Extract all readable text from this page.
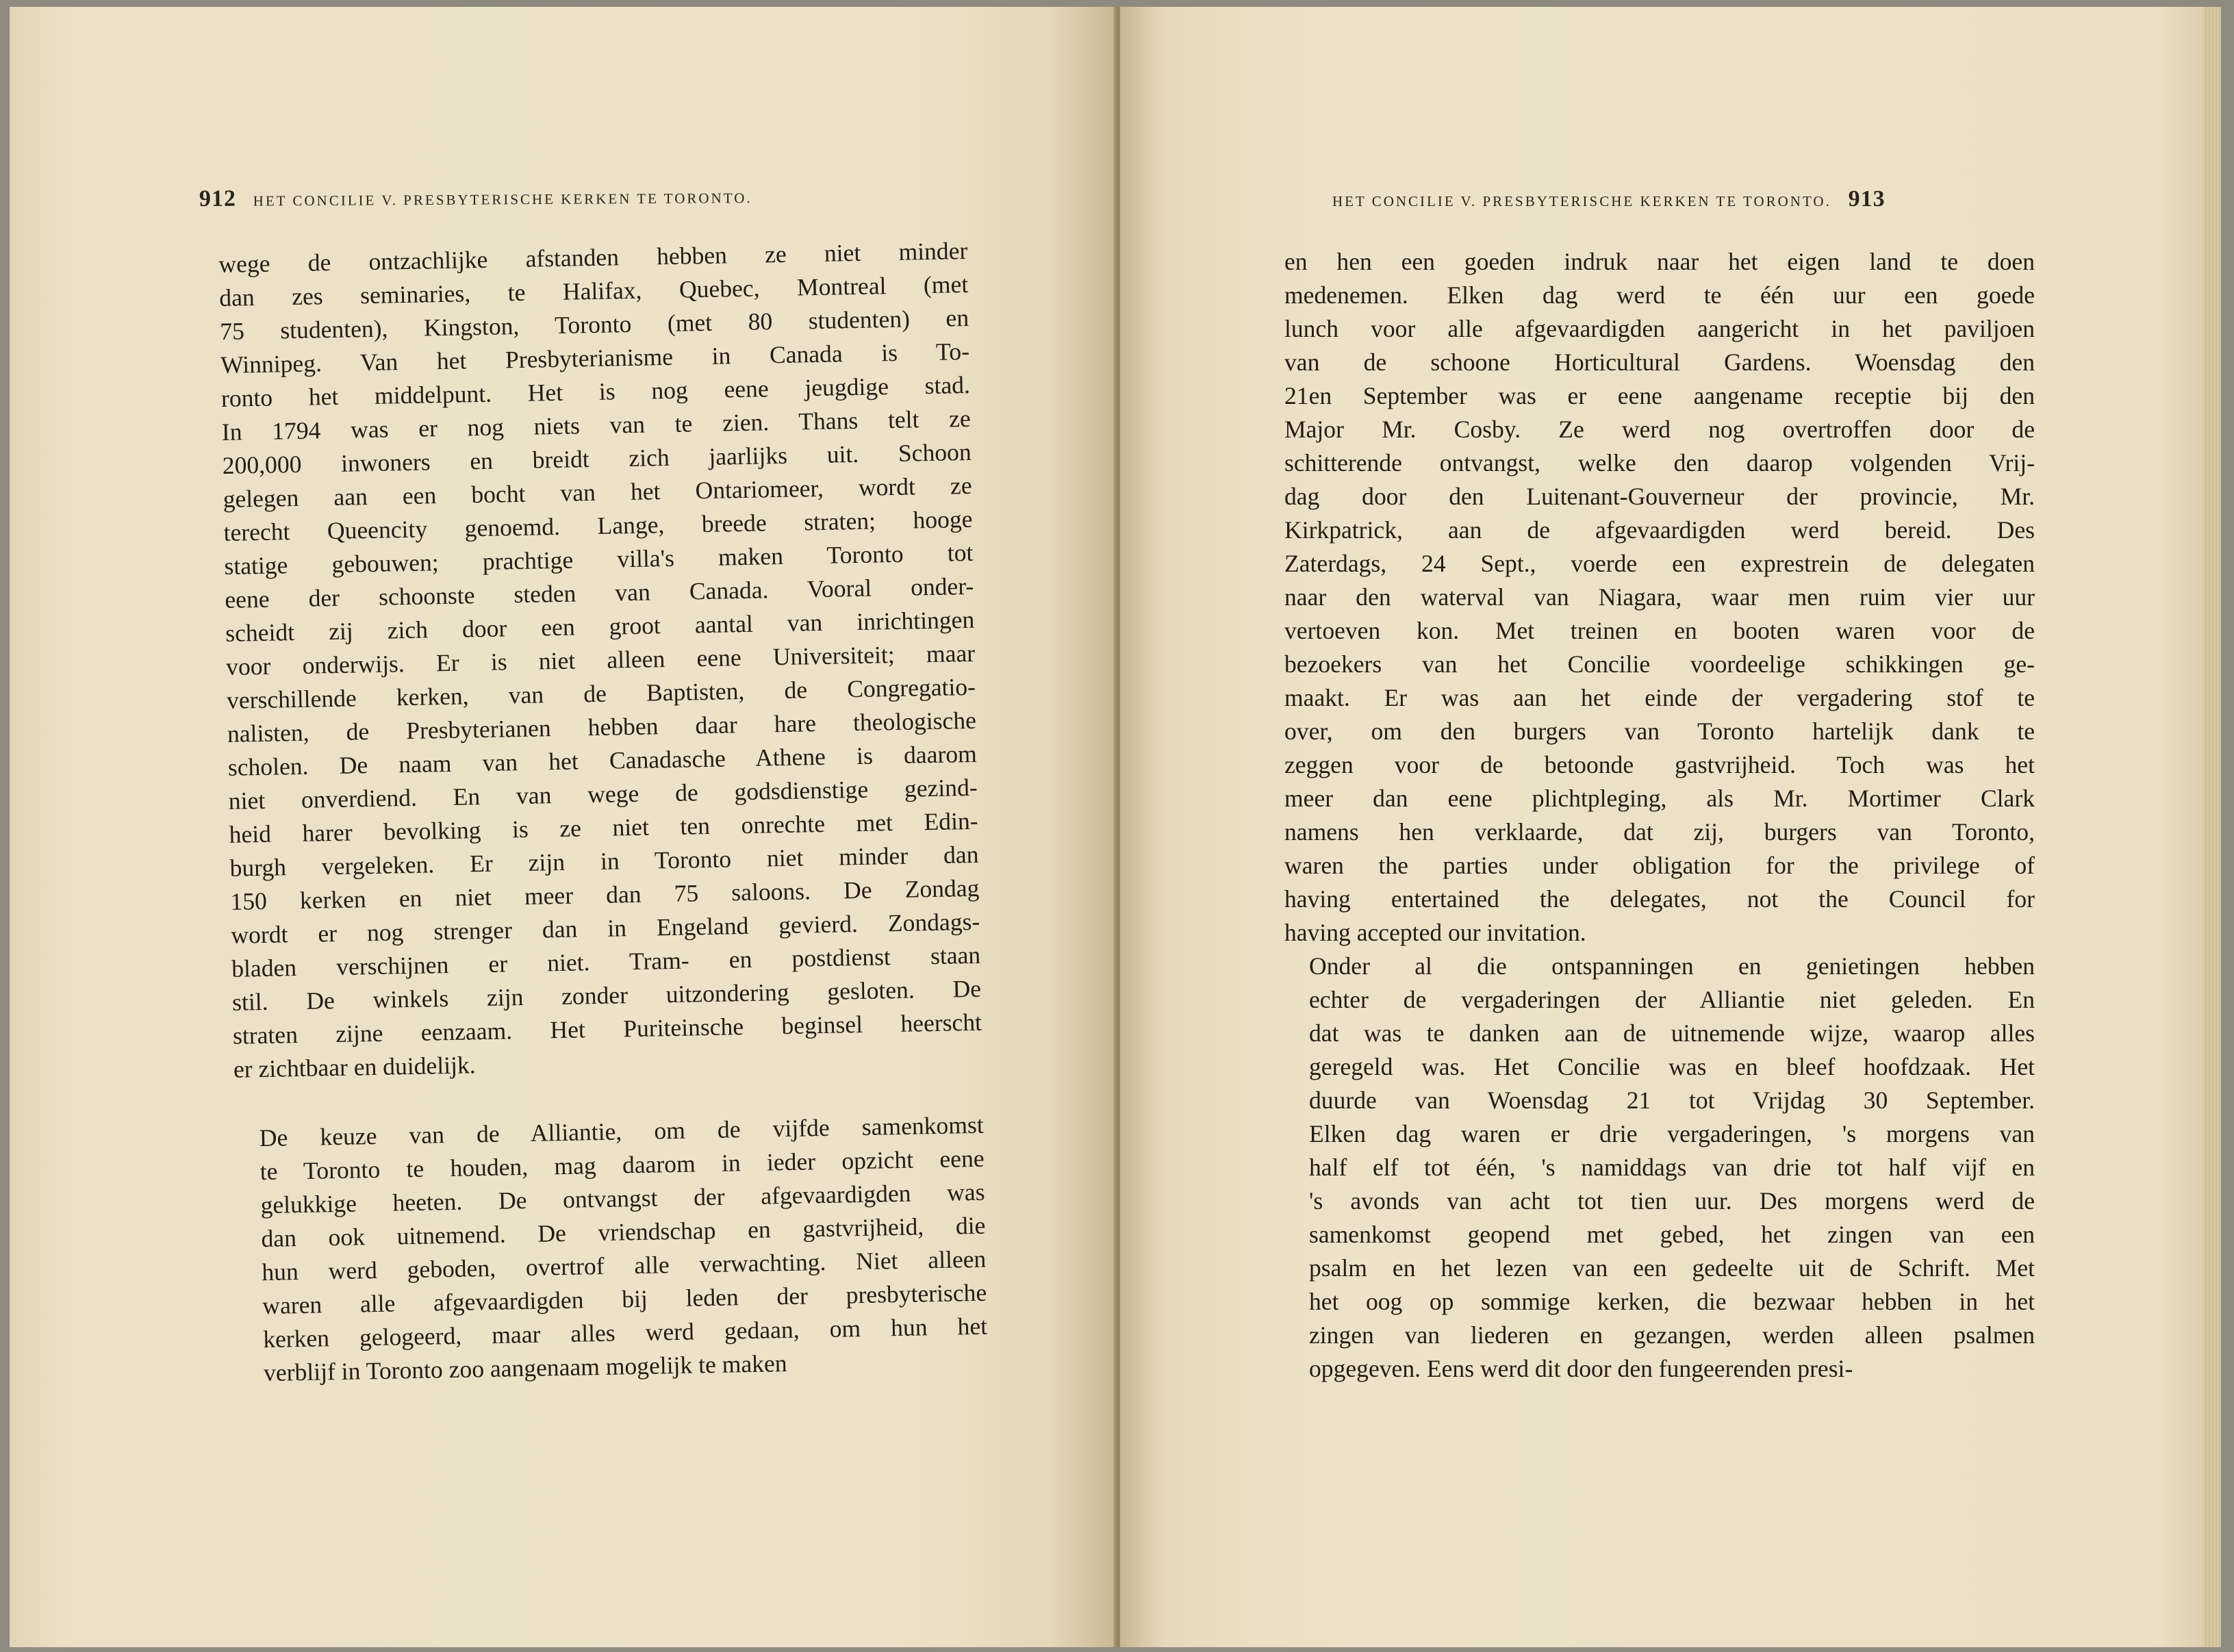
912 HET CONCILIE V. PRESBYTERISCHE KERKEN TE TORONTO.

wege de ontzachlijke afstanden hebben ze niet minder
dan zes seminaries, te Halifax, Quebec, Montreal (met
75 studenten), Kingston, Toronto (met 80 studenten) en
Winnipeg. Van het Presbyterianisme in Canada is To-
ronto het middelpunt. Het is nog eene jeugdige stad.
In 1794 was er nog niets van te zien. Thans telt ze
200,000 inwoners en breidt zich jaarlijks uit. Schoon
gelegen aan een bocht van het Ontariomeer, wordt ze
terecht Queencity genoemd. Lange, breede straten; hooge
statige gebouwen; prachtige villa's maken Toronto tot
eene der schoonste steden van Canada. Vooral onder-
scheidt zij zich door een groot aantal van inrichtingen
voor onderwijs. Er is niet alleen eene Universiteit; maar
verschillende kerken, van de Baptisten, de Congregatio-
nalisten, de Presbyterianen hebben daar hare theologische
scholen. De naam van het Canadasche Athene is daarom
niet onverdiend. En van wege de godsdienstige gezind-
heid harer bevolking is ze niet ten onrechte met Edin-
burgh vergeleken. Er zijn in Toronto niet minder dan
150 kerken en niet meer dan 75 saloons. De Zondag
wordt er nog strenger dan in Engeland gevierd. Zondags-
bladen verschijnen er niet. Tram- en postdienst staan
stil. De winkels zijn zonder uitzondering gesloten. De
straten zijne eenzaam. Het Puriteinsche beginsel heerscht
er zichtbaar en duidelijk.

De keuze van de Alliantie, om de vijfde samenkomst
te Toronto te houden, mag daarom in ieder opzicht eene
gelukkige heeten. De ontvangst der afgevaardigden was
dan ook uitnemend. De vriendschap en gastvrijheid, die
hun werd geboden, overtrof alle verwachting. Niet alleen
waren alle afgevaardigden bij leden der presbyterische
kerken gelogeerd, maar alles werd gedaan, om hun het
verblijf in Toronto zoo aangenaam mogelijk te maken

HET CONCILIE V. PRESBYTERISCHE KERKEN TE TORONTO. 913

en hen een goeden indruk naar het eigen land te doen
medenemen. Elken dag werd te één uur een goede
lunch voor alle afgevaardigden aangericht in het paviljoen
van de schoone Horticultural Gardens. Woensdag den
21en September was er eene aangename receptie bij den
Major Mr. Cosby. Ze werd nog overtroffen door de
schitterende ontvangst, welke den daarop volgenden Vrij-
dag door den Luitenant-Gouverneur der provincie, Mr.
Kirkpatrick, aan de afgevaardigden werd bereid. Des
Zaterdags, 24 Sept., voerde een exprestrein de delegaten
naar den waterval van Niagara, waar men ruim vier uur
vertoeven kon. Met treinen en booten waren voor de
bezoekers van het Concilie voordeelige schikkingen ge-
maakt. Er was aan het einde der vergadering stof te
over, om den burgers van Toronto hartelijk dank te
zeggen voor de betoonde gastvrijheid. Toch was het
meer dan eene plichtpleging, als Mr. Mortimer Clark
namens hen verklaarde, dat zij, burgers van Toronto,
waren the parties under obligation for the privilege of
having entertained the delegates, not the Council for
having accepted our invitation.

Onder al die ontspanningen en genietingen hebben
echter de vergaderingen der Alliantie niet geleden. En
dat was te danken aan de uitnemende wijze, waarop alles
geregeld was. Het Concilie was en bleef hoofdzaak. Het
duurde van Woensdag 21 tot Vrijdag 30 September.
Elken dag waren er drie vergaderingen, 's morgens van
half elf tot één, 's namiddags van drie tot half vijf en
's avonds van acht tot tien uur. Des morgens werd de
samenkomst geopend met gebed, het zingen van een
psalm en het lezen van een gedeelte uit de Schrift. Met
het oog op sommige kerken, die bezwaar hebben in het
zingen van liederen en gezangen, werden alleen psalmen
opgegeven. Eens werd dit door den fungeerenden presi-
